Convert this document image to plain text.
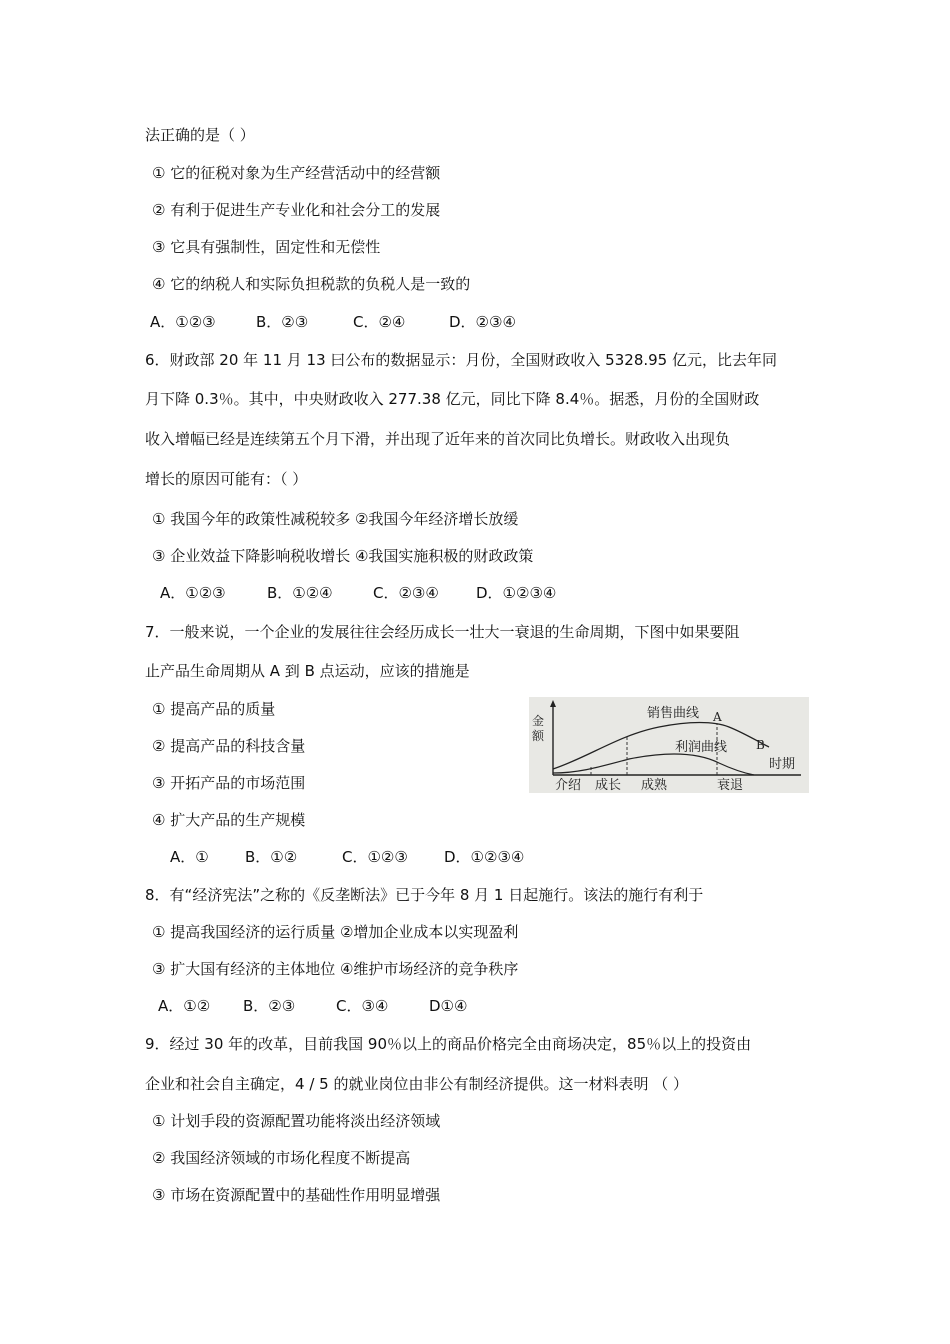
法正确的是（ ）
① 它的征税对象为生产经营活动中的经营额
② 有利于促进生产专业化和社会分工的发展
③ 它具有强制性，固定性和无偿性
④ 它的纳税人和实际负担税款的负税人是一致的
A．①②③	B．②③	C．②④	D．②③④
6．财政部 20 年 11 月 13 曰公布的数据显示：月份，全国财政收入 5328.95 亿元，比去年同
月下降 0.3％。其中，中央财政收入 277.38 亿元，同比下降 8.4％。据悉，月份的全国财政
收入增幅已经是连续第五个月下滑，并出现了近年来的首次同比负增长。财政收入出现负
增长的原因可能有：（ ）
① 我国今年的政策性减税较多 ②我国今年经济增长放缓
③ 企业效益下降影响税收增长 ④我国实施积极的财政政策
A．①②③	B．①②④	C．②③④ D．①②③④
7．一般来说，一个企业的发展往往会经历成长一壮大一衰退的生命周期，下图中如果要阻
止产品生命周期从 A 到 B 点运动，应该的措施是
① 提高产品的质量
② 提高产品的科技含量
③ 开拓产品的市场范围
④ 扩大产品的生产规模
A．① B．①②	C．①②③ D．①②③④
金
额
销售曲线 A
利润曲线 B
时期
介绍 成长 成熟	衰退
8．有“经济宪法”之称的《反垄断法》已于今年 8 月 1 日起施行。该法的施行有利于
① 提高我国经济的运行质量 ②增加企业成本以实现盈利
③ 扩大国有经济的主体地位 ④维护市场经济的竞争秩序
A．①② B．②③	C．③④	D①④
9．经过 30 年的改革，目前我国 90％以上的商品价格完全由商场决定，85％以上的投资由
企业和社会自主确定，4 / 5 的就业岗位由非公有制经济提供。这一材料表明 （ ）
① 计划手段的资源配置功能将淡出经济领域
② 我国经济领域的市场化程度不断提高
③ 市场在资源配置中的基础性作用明显增强
